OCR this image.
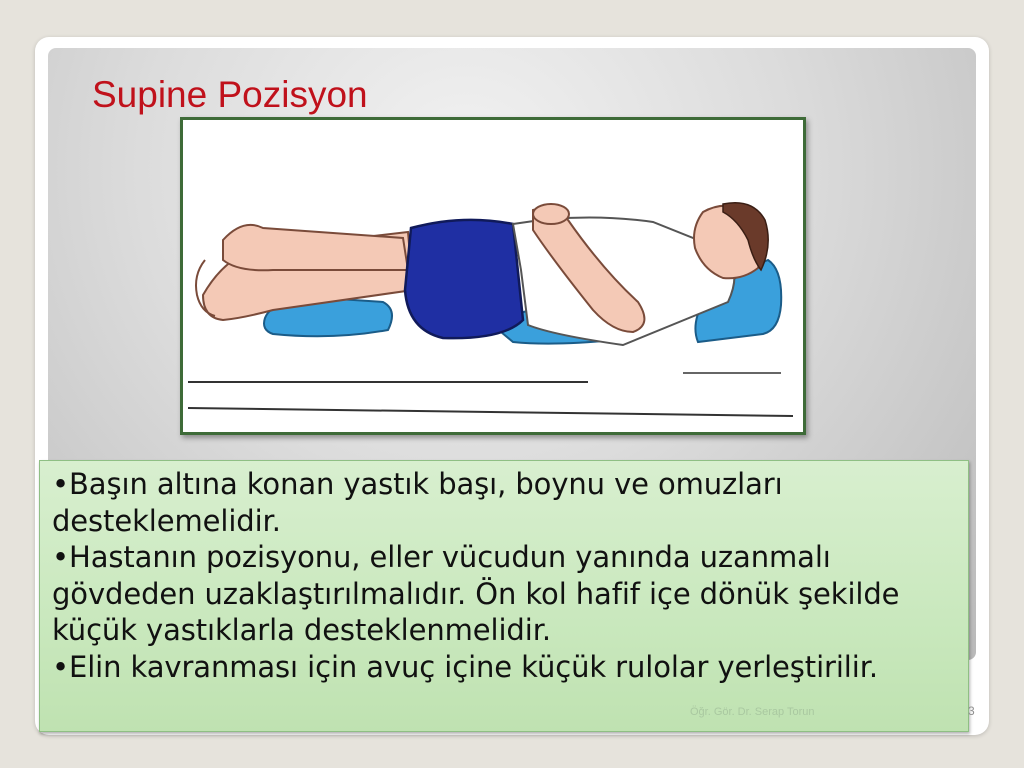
Supine Pozisyon

•Başın altına konan yastık başı, boynu ve omuzları desteklemelidir.

•Hastanın pozisyonu, eller vücudun yanında uzanmalı gövdeden uzaklaştırılmalıdır. Ön kol hafif içe dönük şekilde küçük yastıklarla desteklenmelidir.

•Elin kavranması için avuç içine küçük rulolar yerleştirilir.

Öğr. Gör. Dr. Serap Torun	3
